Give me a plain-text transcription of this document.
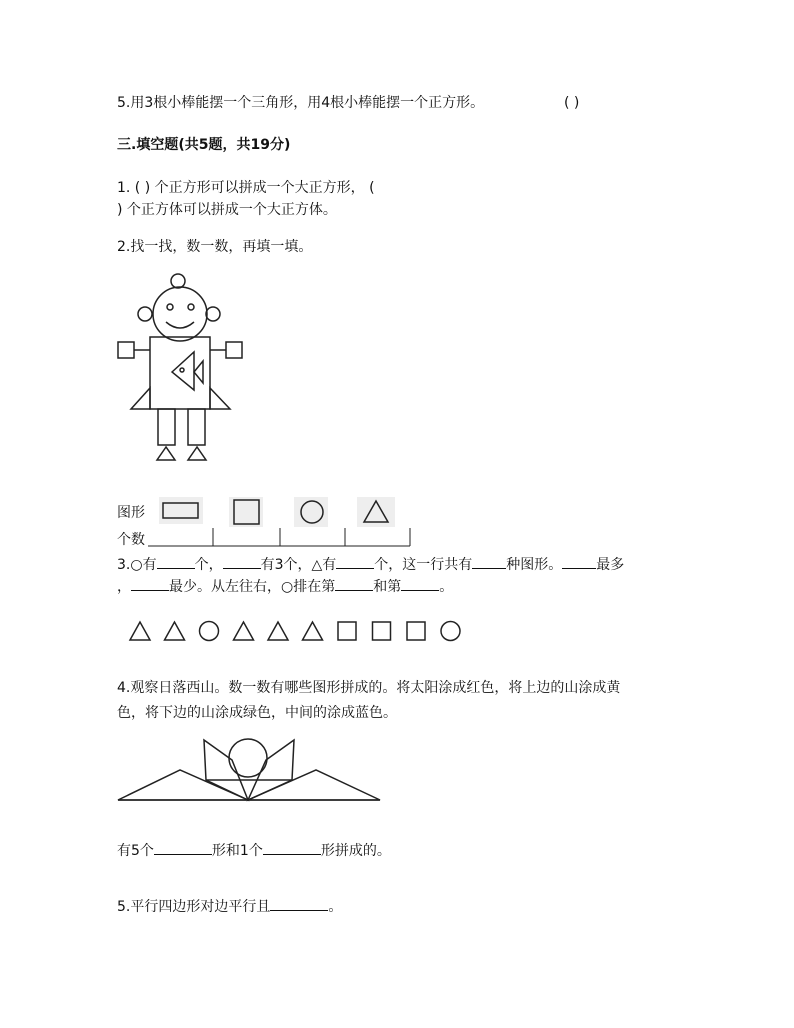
5.用3根小棒能摆一个三角形，用4根小棒能摆一个正方形。	( )
三.填空题(共5题，共19分)
1. ( ) 个正方形可以拼成一个大正方形， (
) 个正方体可以拼成一个大正方体。
2.找一找，数一数，再填一填。
图形
个数
3.○有	个，	有3个，△有	个，这一行共有 种图形。 最多
，	最少。从左往右，○排在第	和第	。
4.观察日落西山。数一数有哪些图形拼成的。将太阳涂成红色，将上边的山涂成黄
色，将下边的山涂成绿色，中间的涂成蓝色。
有5个	形和1个	形拼成的。
5.平行四边形对边平行且	。
